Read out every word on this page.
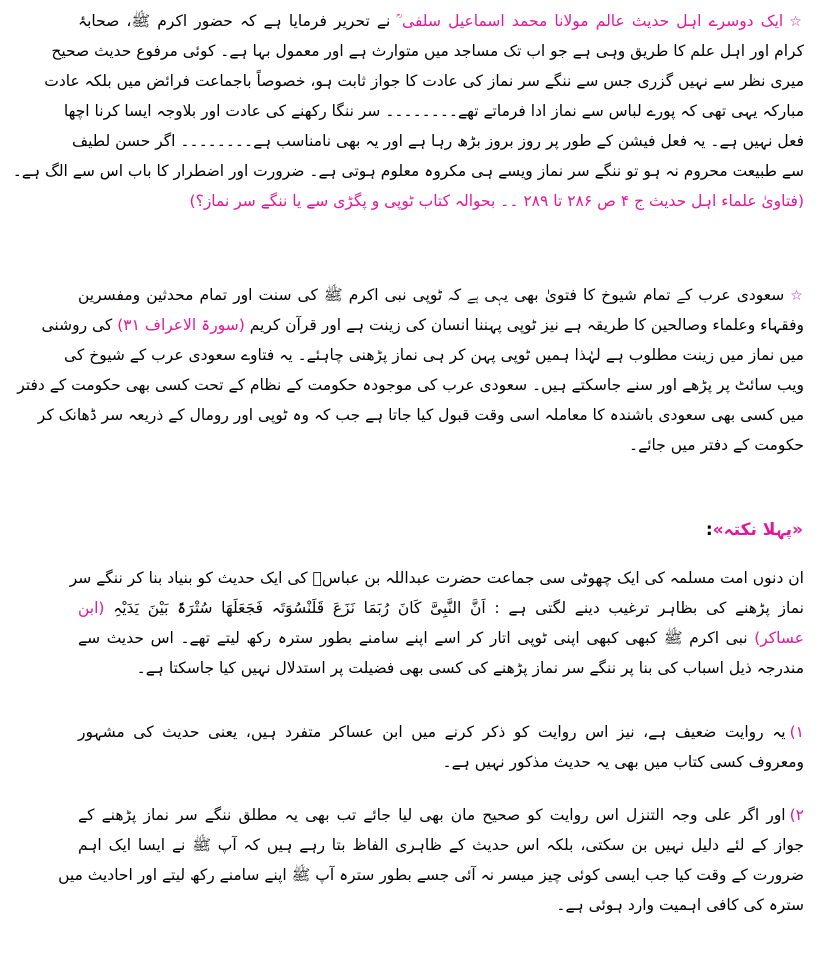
☆ایک دوسرے اہل حدیث عالم مولانا محمد اسماعیل سلفی ؒ نے تحریر فرمایا ہے کہ حضور اکرم ﷺ، صحابۂ
کرام اور اہل علم کا طریق وہی ہے جو اب تک مساجد میں متوارث ہے اور معمول بہا ہے۔ کوئی مرفوع حدیث صحیح
میری نظر سے نہیں گزری جس سے ننگے سر نماز کی عادت کا جواز ثابت ہو، خصوصاً باجماعت فرائض میں بلکہ عادت
مبارکہ یہی تھی کہ پورے لباس سے نماز ادا فرماتے تھے۔۔۔۔۔۔۔۔ سر ننگا رکھنے کی عادت اور بلاوجہ ایسا کرنا اچھا
فعل نہیں ہے۔ یہ فعل فیشن کے طور پر روز بروز بڑھ رہا ہے اور یہ بھی نامناسب ہے۔۔۔۔۔۔۔۔ اگر حسن لطیف
سے طبیعت محروم نہ ہو تو ننگے سر نماز ویسے ہی مکروہ معلوم ہوتی ہے۔ ضرورت اور اضطرار کا باب اس سے الگ ہے۔
(فتاویٰ علماء اہل حدیث ج ۴ ص ۲۸۶ تا ۲۸۹ ۔۔ بحوالہ کتاب ٹوپی و پگڑی سے یا ننگے سر نماز؟)
☆سعودی عرب کے تمام شیوخ کا فتویٰ بھی یہی ہے کہ ٹوپی نبی اکرم ﷺ کی سنت اور تمام محدثین ومفسرین
وفقہاء وعلماء وصالحین کا طریقہ ہے نیز ٹوپی پہننا انسان کی زینت ہے اور قرآن کریم (سورۃ الاعراف ۳۱) کی روشنی
میں نماز میں زینت مطلوب ہے لہٰذا ہمیں ٹوپی پہن کر ہی نماز پڑھنی چاہئے۔ یہ فتاوے سعودی عرب کے شیوخ کی
ویب سائٹ پر پڑھے اور سنے جاسکتے ہیں۔ سعودی عرب کی موجودہ حکومت کے نظام کے تحت کسی بھی حکومت کے دفتر
میں کسی بھی سعودی باشندہ کا معاملہ اسی وقت قبول کیا جاتا ہے جب کہ وہ ٹوپی اور رومال کے ذریعہ سر ڈھانک کر
حکومت کے دفتر میں جائے۔
«پہلا نکتہ»:
ان دنوں امت مسلمہ کی ایک چھوٹی سی جماعت حضرت عبداللہ بن عباسؓ کی ایک حدیث کو بنیاد بنا کر ننگے سر
نماز پڑھنے کی بظاہر ترغیب دینے لگتی ہے : اَنَّ النَّبِیَّ کَانَ رُبَمَا نَزَعَ قَلَنْسُوَتَہ فَجَعَلَھَا سُتْرَۃً بَیْنَ یَدَیْہِ (ابن
عساکر) نبی اکرم ﷺ کبھی کبھی اپنی ٹوپی اتار کر اسے اپنے سامنے بطور سترہ رکھ لیتے تھے۔ اس حدیث سے
مندرجہ ذیل اسباب کی بنا پر ننگے سر نماز پڑھنے کی کسی بھی فضیلت پر استدلال نہیں کیا جاسکتا ہے۔
۱)یہ روایت ضعیف ہے، نیز اس روایت کو ذکر کرنے میں ابن عساکر متفرد ہیں، یعنی حدیث کی مشہور
ومعروف کسی کتاب میں بھی یہ حدیث مذکور نہیں ہے۔
۲)اور اگر علی وجہ التنزل اس روایت کو صحیح مان بھی لیا جائے تب بھی یہ مطلق ننگے سر نماز پڑھنے کے
جواز کے لئے دلیل نہیں بن سکتی، بلکہ اس حدیث کے ظاہری الفاظ بتا رہے ہیں کہ آپ ﷺ نے ایسا ایک اہم
ضرورت کے وقت کیا جب ایسی کوئی چیز میسر نہ آئی جسے بطور سترہ آپ ﷺ اپنے سامنے رکھ لیتے اور احادیث میں
سترہ کی کافی اہمیت وارد ہوئی ہے۔
